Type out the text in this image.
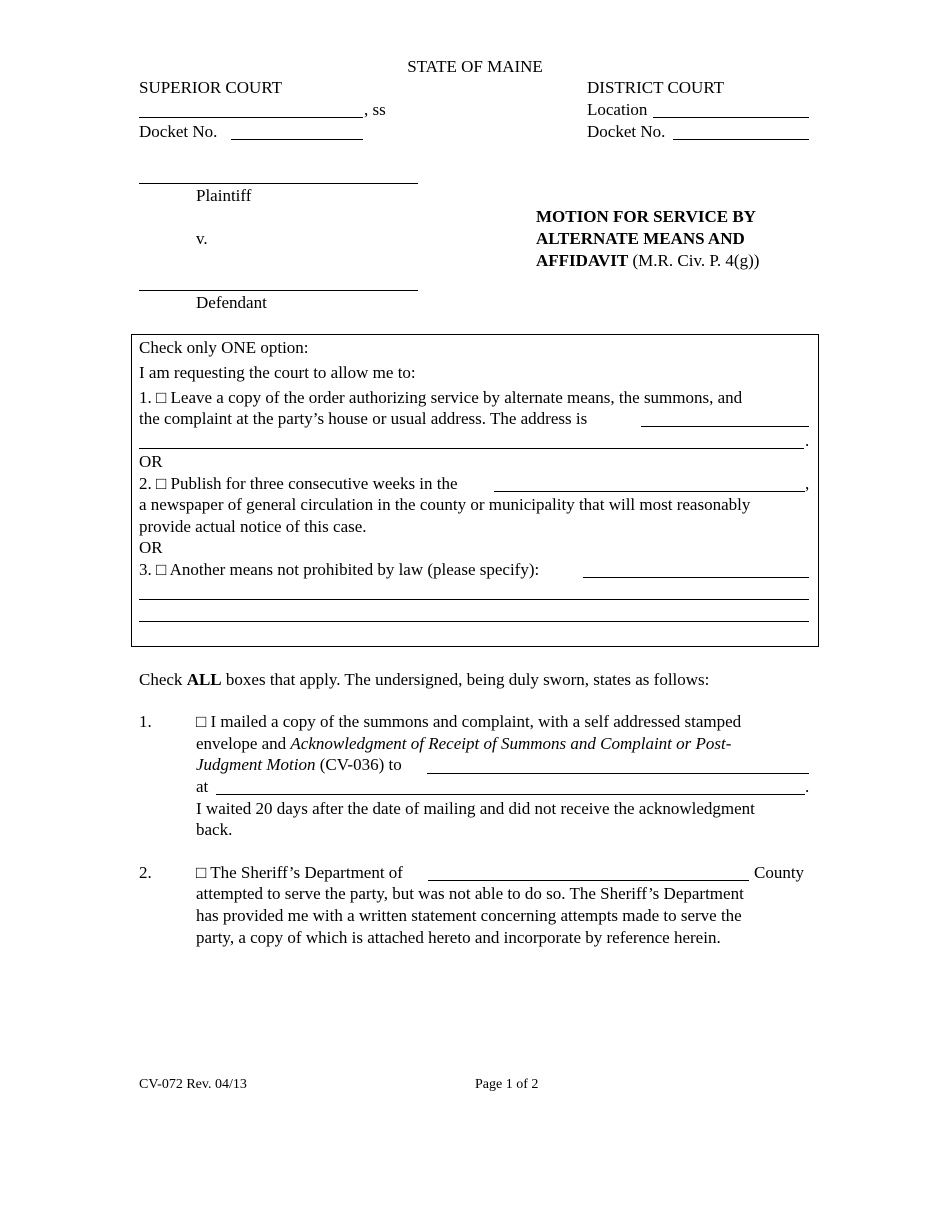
STATE OF MAINE
SUPERIOR COURT
, ss
Docket No.
DISTRICT COURT
Location
Docket No.
Plaintiff
v.
Defendant
MOTION FOR SERVICE BY
ALTERNATE MEANS AND
AFFIDAVIT (M.R. Civ. P. 4(g))
Check only ONE option:
I am requesting the court to allow me to:
1. □ Leave a copy of the order authorizing service by alternate means, the summons, and
the complaint at the party’s house or usual address. The address is
.
OR
2. □ Publish for three consecutive weeks in the	,
a newspaper of general circulation in the county or municipality that will most reasonably
provide actual notice of this case.
OR
3. □ Another means not prohibited by law (please specify):
Check ALL boxes that apply. The undersigned, being duly sworn, states as follows:
1.	□ I mailed a copy of the summons and complaint, with a self addressed stamped
envelope and Acknowledgment of Receipt of Summons and Complaint or Post-
Judgment Motion (CV-036) to
at	.
I waited 20 days after the date of mailing and did not receive the acknowledgment
back.
2.	□ The Sheriff’s Department of	County
attempted to serve the party, but was not able to do so. The Sheriff’s Department
has provided me with a written statement concerning attempts made to serve the
party, a copy of which is attached hereto and incorporate by reference herein.
CV-072 Rev. 04/13	Page 1 of 2
